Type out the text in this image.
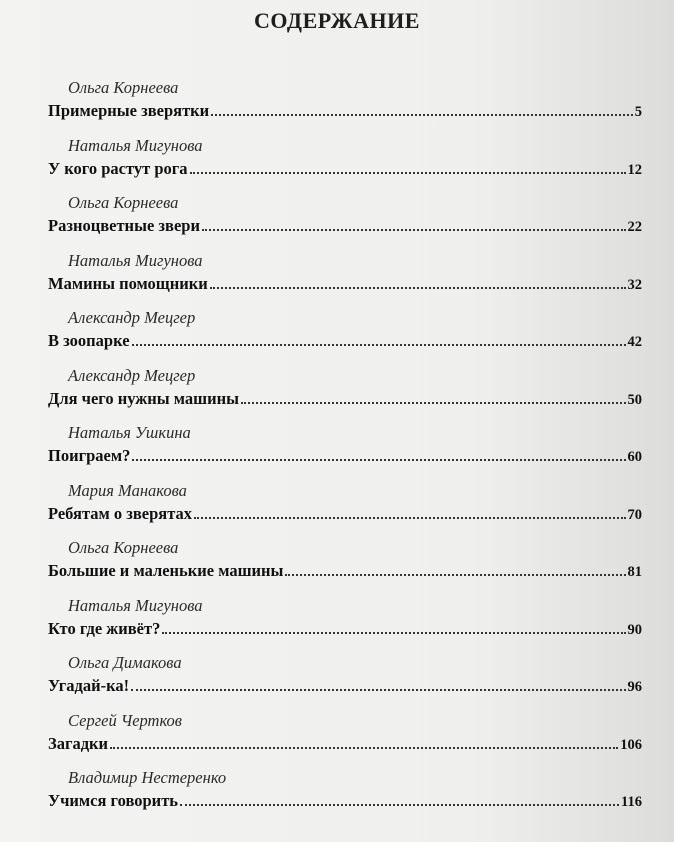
СОДЕРЖАНИЕ
Ольга Корнеева
Примерные зверятки	5
Наталья Мигунова
У кого растут рога	12
Ольга Корнеева
Разноцветные звери	22
Наталья Мигунова
Мамины помощники	32
Александр Мецгер
В зоопарке	42
Александр Мецгер
Для чего нужны машины	50
Наталья Ушкина
Поиграем?	60
Мария Манакова
Ребятам о зверятах	70
Ольга Корнеева
Большие и маленькие машины	81
Наталья Мигунова
Кто где живёт?	90
Ольга Димакова
Угадай-ка!	96
Сергей Чертков
Загадки	106
Владимир Нестеренко
Учимся говорить	116
